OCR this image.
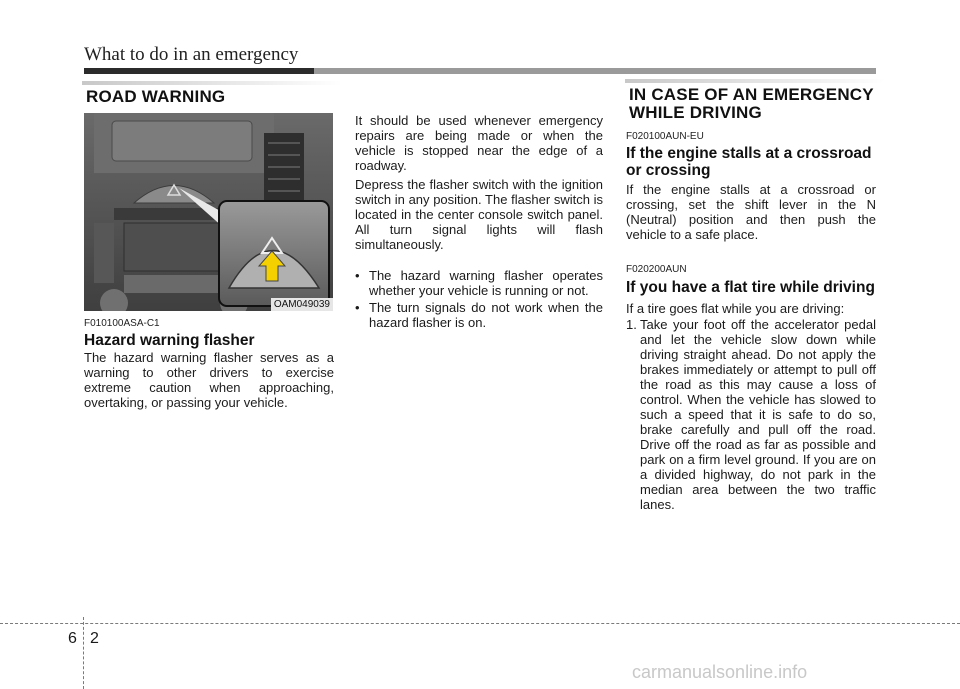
What to do in an emergency
ROAD WARNING
OAM049039
F010100ASA-C1
Hazard warning flasher

The hazard warning flasher serves as a warning to other drivers to exercise extreme caution when approaching, overtaking, or passing your vehicle.

It should be used whenever emergency repairs are being made or when the vehicle is stopped near the edge of a roadway.

Depress the flasher switch with the ignition switch in any position. The flasher switch is located in the center console switch panel. All turn signal lights will flash simultaneously.

• The hazard warning flasher operates whether your vehicle is running or not.
• The turn signals do not work when the hazard flasher is on.
IN CASE OF AN EMERGENCY
WHILE DRIVING
F020100AUN-EU
If the engine stalls at a crossroad or crossing

If the engine stalls at a crossroad or crossing, set the shift lever in the N (Neutral) position and then push the vehicle to a safe place.

F020200AUN
If you have a flat tire while driving

If a tire goes flat while you are driving:

1. Take your foot off the accelerator pedal and let the vehicle slow down while driving straight ahead. Do not apply the brakes immediately or attempt to pull off the road as this may cause a loss of control. When the vehicle has slowed to such a speed that it is safe to do so, brake carefully and pull off the road. Drive off the road as far as possible and park on a firm level ground. If you are on a divided highway, do not park in the median area between the two traffic lanes.
6 2
carmanualsonline.info
